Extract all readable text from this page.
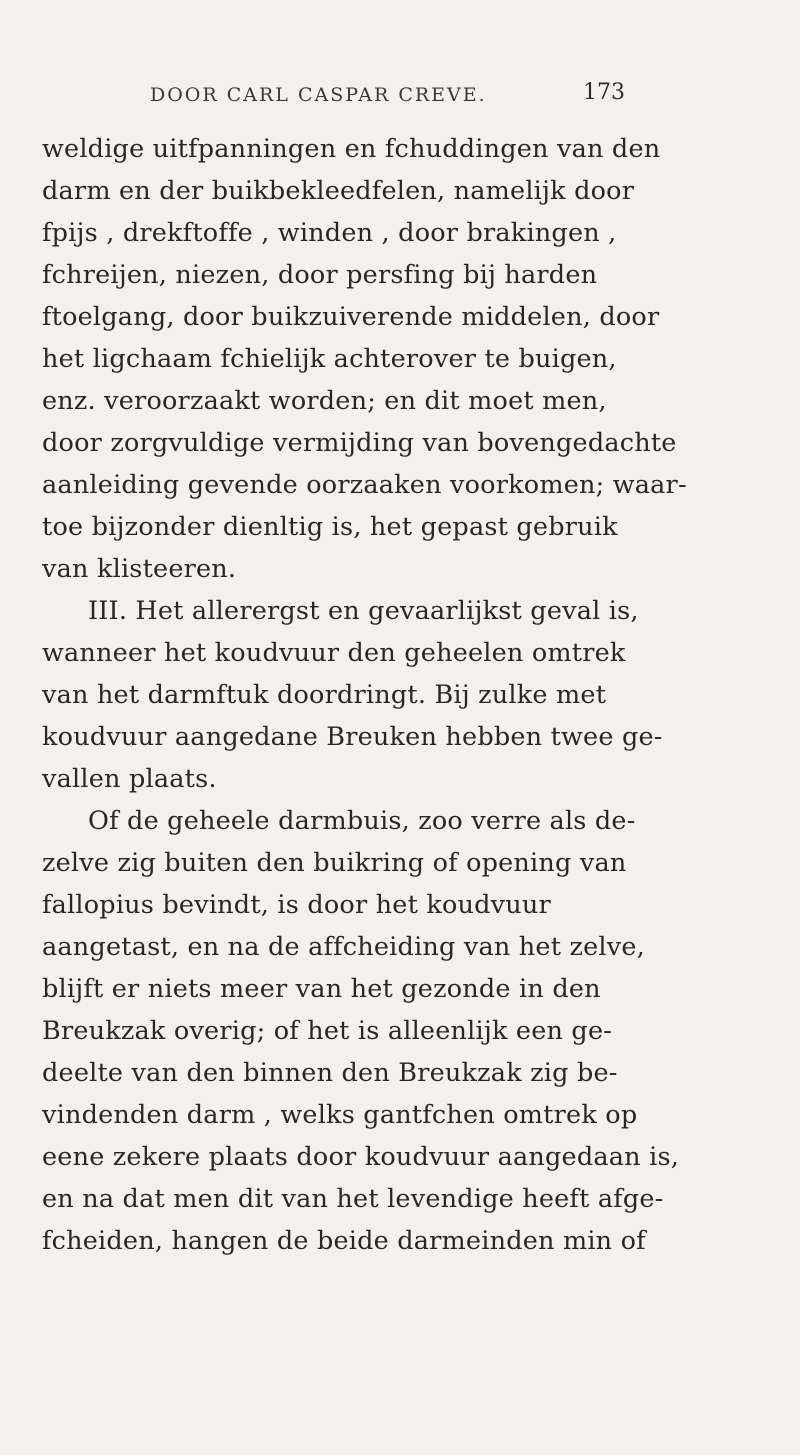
DOOR CARL CASPAR CREVE.	173
weldige uitfpanningen en fchuddingen van den
darm en der buikbekleedfelen, namelijk door
fpijs , drekftoffe , winden , door brakingen ,
fchreijen, niezen, door persfing bij harden
ftoelgang, door buikzuiverende middelen, door
het ligchaam fchielijk achterover te buigen,
enz. veroorzaakt worden; en dit moet men,
door zorgvuldige vermijding van bovengedachte
aanleiding gevende oorzaaken voorkomen; waar-
toe bijzonder dienltig is, het gepast gebruik
van klisteeren.
III. Het allerergst en gevaarlijkst geval is,
wanneer het koudvuur den geheelen omtrek
van het darmftuk doordringt. Bij zulke met
koudvuur aangedane Breuken hebben twee ge-
vallen plaats.
Of de geheele darmbuis, zoo verre als de-
zelve zig buiten den buikring of opening van
fallopius bevindt, is door het koudvuur
aangetast, en na de affcheiding van het zelve,
blijft er niets meer van het gezonde in den
Breukzak overig; of het is alleenlijk een ge-
deelte van den binnen den Breukzak zig be-
vindenden darm , welks gantfchen omtrek op
eene zekere plaats door koudvuur aangedaan is,
en na dat men dit van het levendige heeft afge-
fcheiden, hangen de beide darmeinden min of
